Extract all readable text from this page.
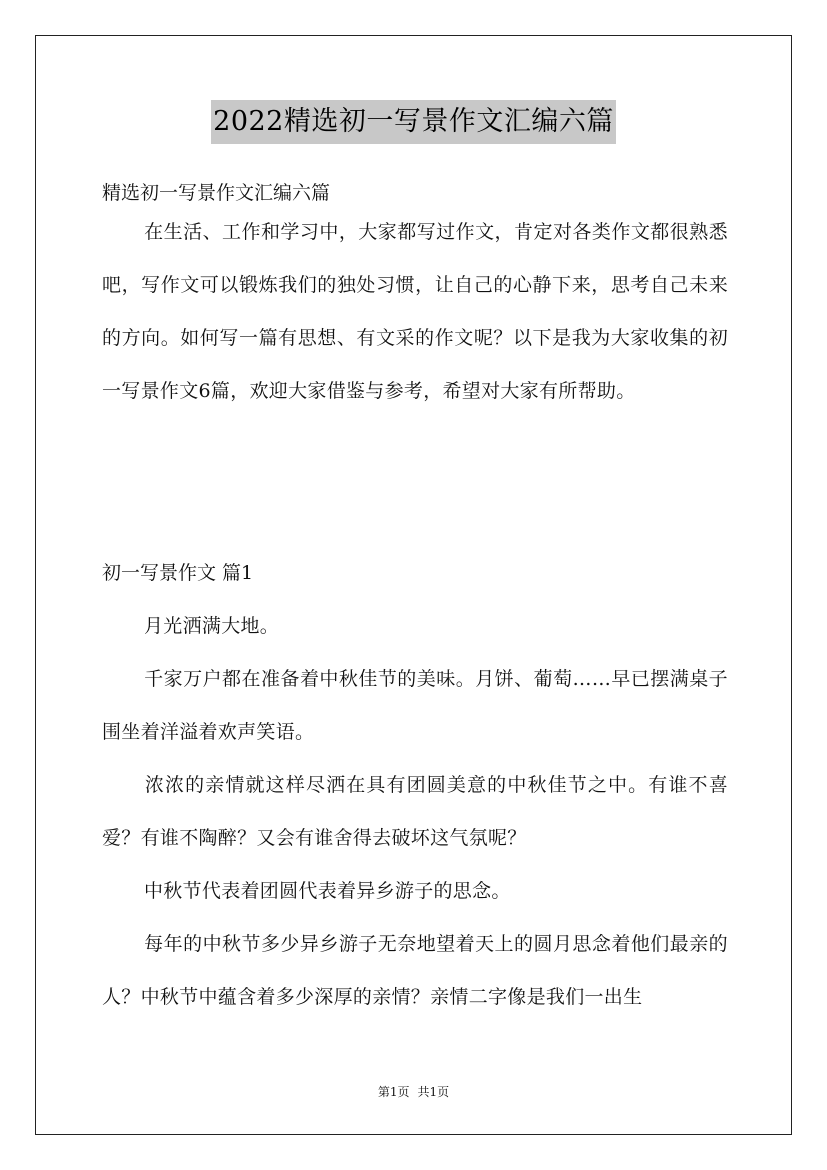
2022精选初一写景作文汇编六篇
精选初一写景作文汇编六篇
在生活、工作和学习中，大家都写过作文，肯定对各类作文都很熟悉吧，写作文可以锻炼我们的独处习惯，让自己的心静下来，思考自己未来的方向。如何写一篇有思想、有文采的作文呢？以下是我为大家收集的初一写景作文6篇，欢迎大家借鉴与参考，希望对大家有所帮助。
初一写景作文 篇1
月光洒满大地。
千家万户都在准备着中秋佳节的美味。月饼、葡萄……早已摆满桌子围坐着洋溢着欢声笑语。
浓浓的亲情就这样尽洒在具有团圆美意的中秋佳节之中。有谁不喜爱？有谁不陶醉？又会有谁舍得去破坏这气氛呢？
中秋节代表着团圆代表着异乡游子的思念。
每年的中秋节多少异乡游子无奈地望着天上的圆月思念着他们最亲的人？中秋节中蕴含着多少深厚的亲情？亲情二字像是我们一出生
第1页 共1页
